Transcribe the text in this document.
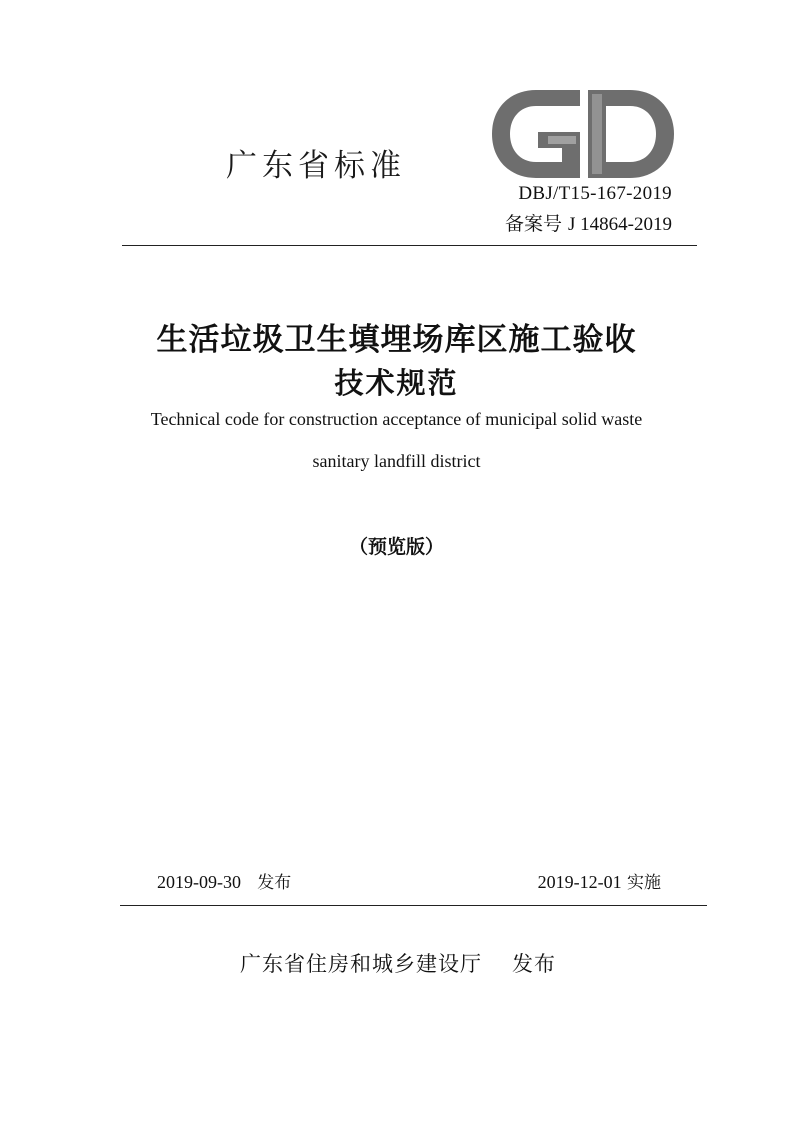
广东省标准
DBJ/T15-167-2019
备案号 J 14864-2019
生活垃圾卫生填埋场库区施工验收
技术规范
Technical code for construction acceptance of municipal solid waste
sanitary landfill district
（预览版）
2019-09-30 发布	2019-12-01 实施
广东省住房和城乡建设厅 发布
